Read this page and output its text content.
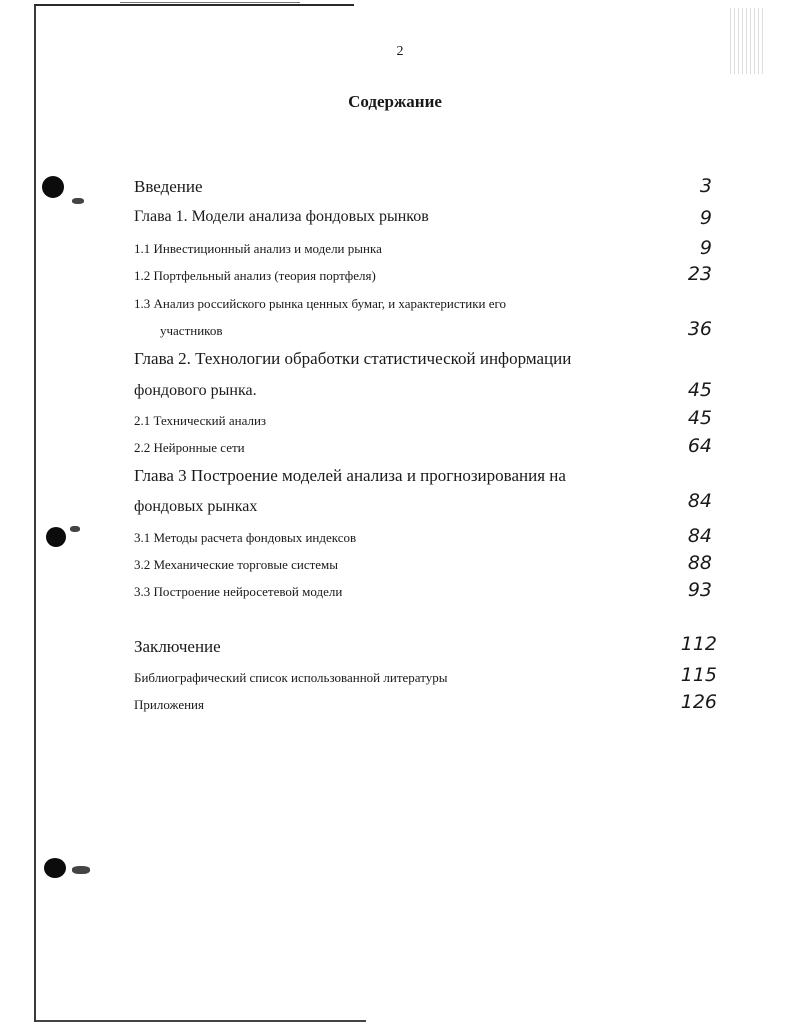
2
Содержание
Введение	3
Глава 1. Модели анализа фондовых рынков	9
1.1 Инвестиционный анализ и модели рынка	9
1.2 Портфельный анализ (теория портфеля)	23
1.3 Анализ российского рынка ценных бумаг, и характеристики его
участников	36
Глава 2. Технологии обработки статистической информации
фондового рынка.	45
2.1 Технический анализ	45
2.2 Нейронные сети	64
Глава 3 Построение моделей анализа и прогнозирования на
фондовых рынках	84
3.1 Методы расчета фондовых индексов	84
3.2 Механические торговые системы	88
3.3 Построение нейросетевой модели	93
Заключение	112
Библиографический список использованной литературы	115
Приложения	126
